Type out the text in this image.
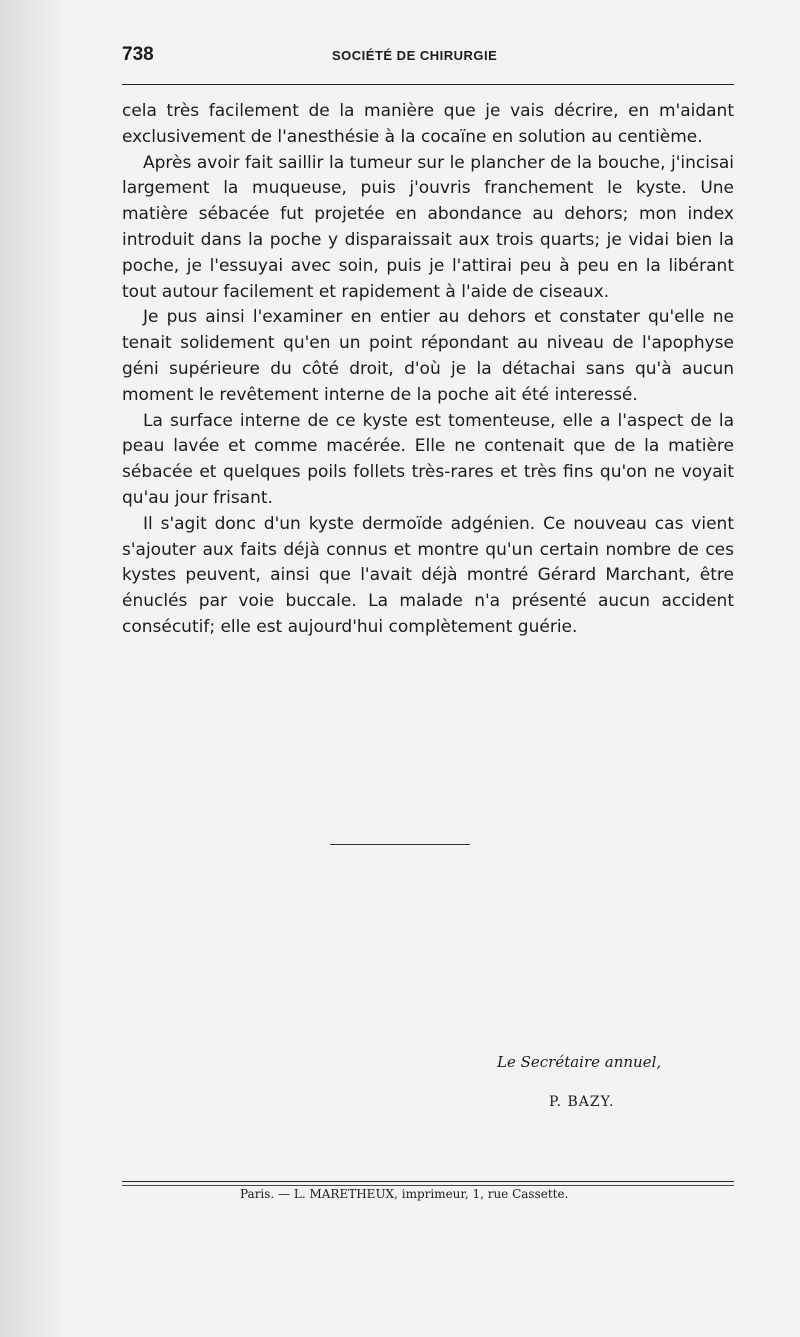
738	SOCIÉTÉ DE CHIRURGIE

cela très facilement de la manière que je vais décrire, en m'aidant exclusivement de l'anesthésie à la cocaïne en solution au centième.

Après avoir fait saillir la tumeur sur le plancher de la bouche, j'incisai largement la muqueuse, puis j'ouvris franchement le kyste. Une matière sébacée fut projetée en abondance au dehors; mon index introduit dans la poche y disparaissait aux trois quarts; je vidai bien la poche, je l'essuyai avec soin, puis je l'attirai peu à peu en la libérant tout autour facilement et rapidement à l'aide de ciseaux.

Je pus ainsi l'examiner en entier au dehors et constater qu'elle ne tenait solidement qu'en un point répondant au niveau de l'apophyse géni supérieure du côté droit, d'où je la détachai sans qu'à aucun moment le revêtement interne de la poche ait été interessé.

La surface interne de ce kyste est tomenteuse, elle a l'aspect de la peau lavée et comme macérée. Elle ne contenait que de la matière sébacée et quelques poils follets très-rares et très fins qu'on ne voyait qu'au jour frisant.

Il s'agit donc d'un kyste dermoïde adgénien. Ce nouveau cas vient s'ajouter aux faits déjà connus et montre qu'un certain nombre de ces kystes peuvent, ainsi que l'avait déjà montré Gérard Marchant, être énuclés par voie buccale. La malade n'a présenté aucun accident consécutif; elle est aujourd'hui complètement guérie.

Le Secrétaire annuel,
P. BAZY.
Paris. — L. MARETHEUX, imprimeur, 1, rue Cassette.
